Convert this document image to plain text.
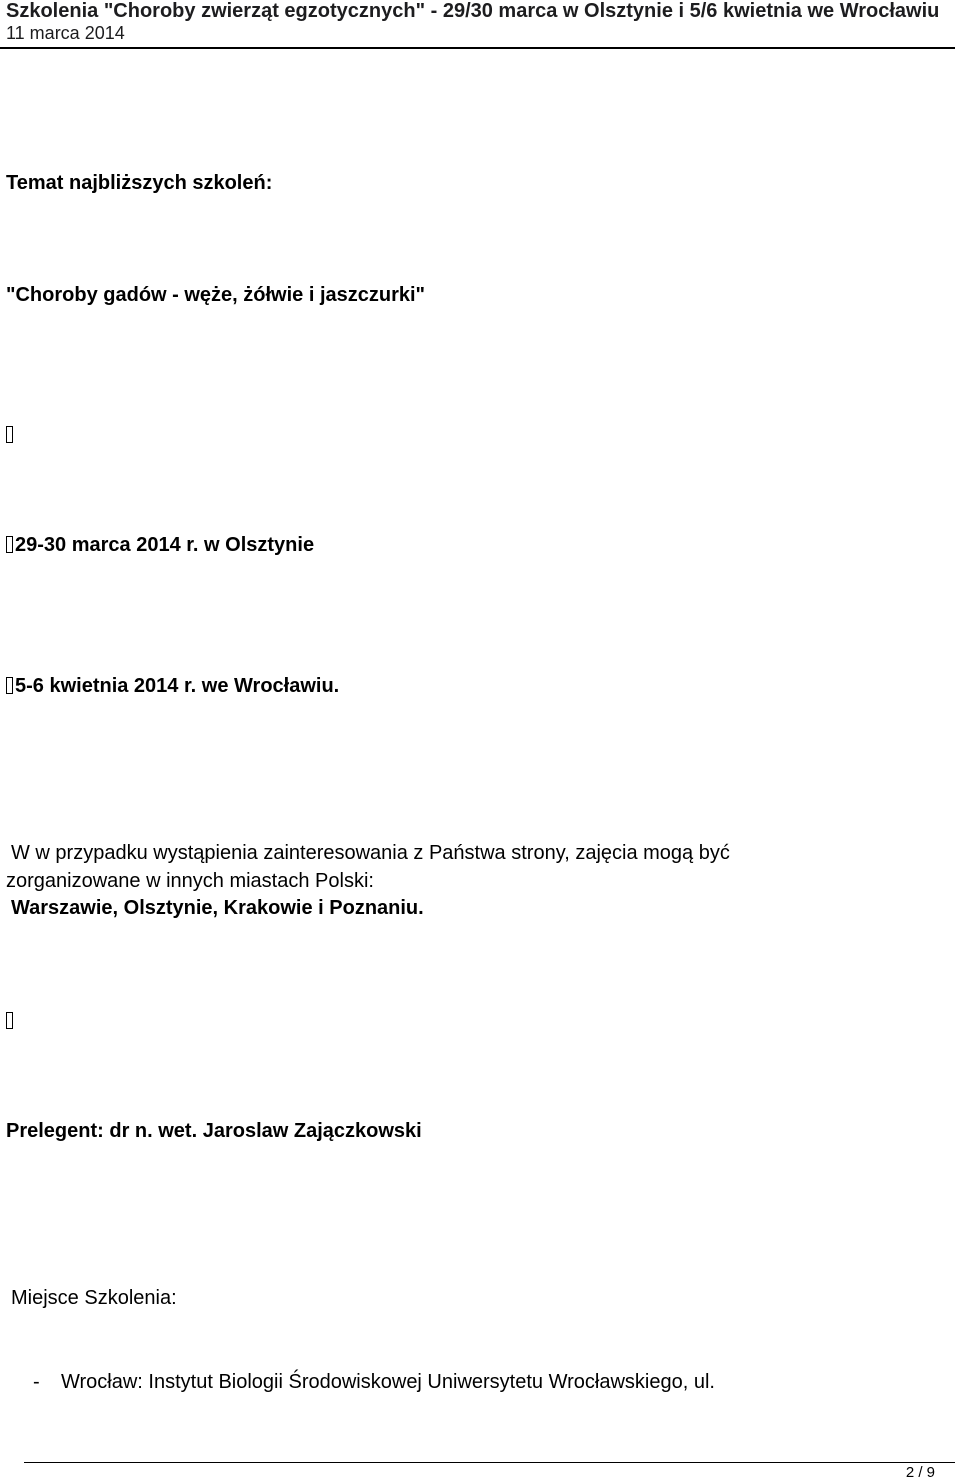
Szkolenia "Choroby zwierząt egzotycznych" - 29/30 marca w Olsztynie i 5/6 kwietnia we Wrocławiu
11 marca 2014
Temat najbliższych szkoleń:
"Choroby gadów - węże, żółwie i jaszczurki"
29-30 marca 2014 r. w Olsztynie
5-6 kwietnia 2014 r. we Wrocławiu.
W w przypadku wystąpienia zainteresowania z Państwa strony, zajęcia mogą być
zorganizowane w innych miastach Polski:
Warszawie, Olsztynie, Krakowie i Poznaniu.
Prelegent: dr n. wet. Jaroslaw Zajączkowski
Miejsce Szkolenia:
- Wrocław: Instytut Biologii Środowiskowej Uniwersytetu Wrocławskiego, ul.
2 / 9
